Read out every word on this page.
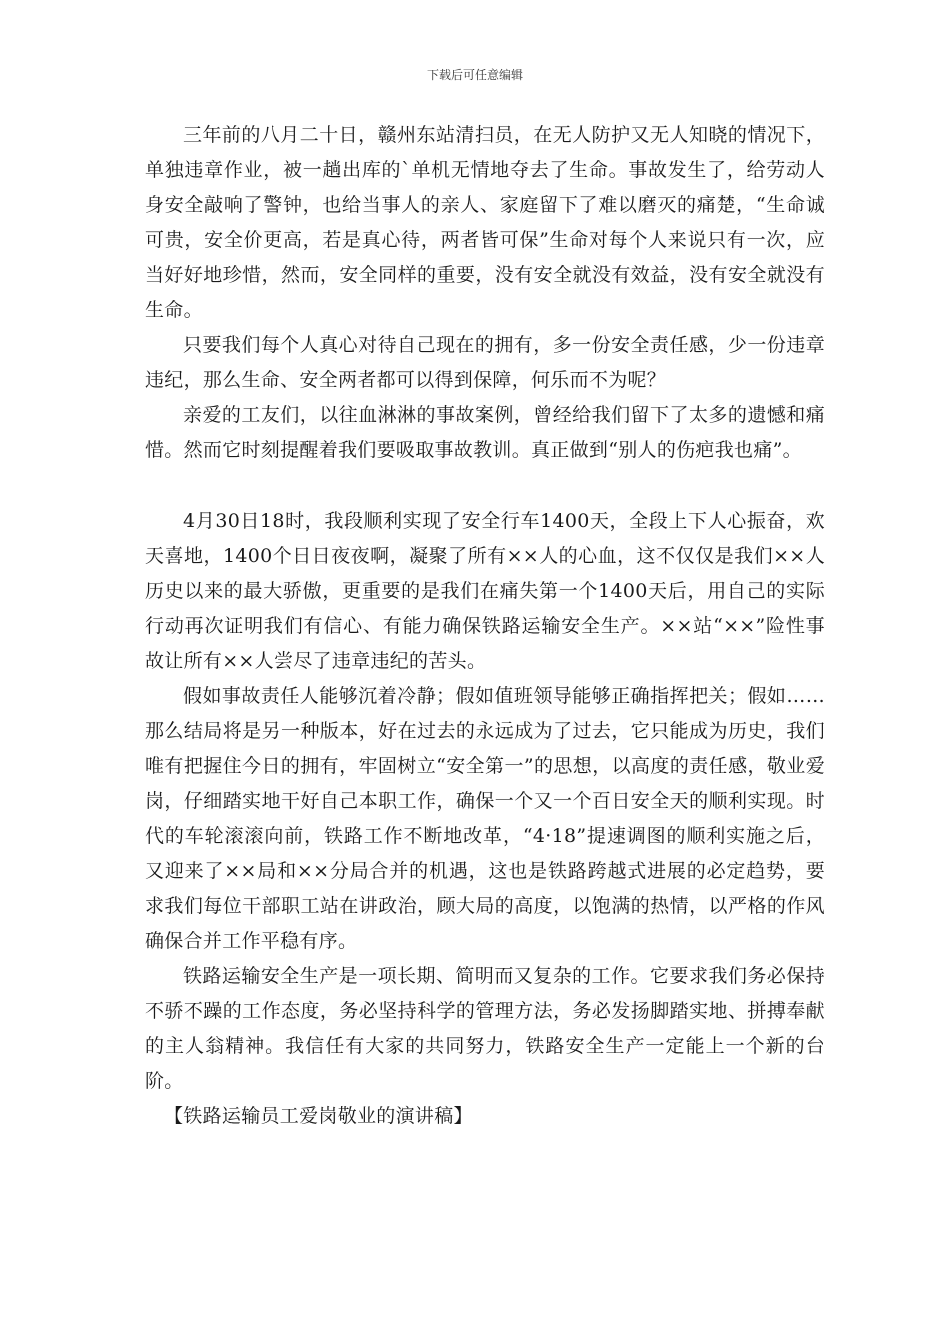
下载后可任意编辑

三年前的八月二十日，赣州东站清扫员，在无人防护又无人知晓的情况下，单独违章作业，被一趟出库的`单机无情地夺去了生命。事故发生了，给劳动人身安全敲响了警钟，也给当事人的亲人、家庭留下了难以磨灭的痛楚，“生命诚可贵，安全价更高，若是真心待，两者皆可保”生命对每个人来说只有一次，应当好好地珍惜，然而，安全同样的重要，没有安全就没有效益，没有安全就没有生命。

只要我们每个人真心对待自己现在的拥有，多一份安全责任感，少一份违章违纪，那么生命、安全两者都可以得到保障，何乐而不为呢？

亲爱的工友们，以往血淋淋的事故案例，曾经给我们留下了太多的遗憾和痛惜。然而它时刻提醒着我们要吸取事故教训。真正做到“别人的伤疤我也痛”。

4月30日18时，我段顺利实现了安全行车1400天，全段上下人心振奋，欢天喜地，1400个日日夜夜啊，凝聚了所有××人的心血，这不仅仅是我们××人历史以来的最大骄傲，更重要的是我们在痛失第一个1400天后，用自己的实际行动再次证明我们有信心、有能力确保铁路运输安全生产。××站“××”险性事故让所有××人尝尽了违章违纪的苦头。

假如事故责任人能够沉着冷静；假如值班领导能够正确指挥把关；假如……那么结局将是另一种版本，好在过去的永远成为了过去，它只能成为历史，我们唯有把握住今日的拥有，牢固树立“安全第一”的思想，以高度的责任感，敬业爱岗，仔细踏实地干好自己本职工作，确保一个又一个百日安全天的顺利实现。时代的车轮滚滚向前，铁路工作不断地改革，“4·18”提速调图的顺利实施之后，又迎来了××局和××分局合并的机遇，这也是铁路跨越式进展的必定趋势，要求我们每位干部职工站在讲政治，顾大局的高度，以饱满的热情，以严格的作风确保合并工作平稳有序。

铁路运输安全生产是一项长期、简明而又复杂的工作。它要求我们务必保持不骄不躁的工作态度，务必坚持科学的管理方法，务必发扬脚踏实地、拼搏奉献的主人翁精神。我信任有大家的共同努力，铁路安全生产一定能上一个新的台阶。

【铁路运输员工爱岗敬业的演讲稿】
